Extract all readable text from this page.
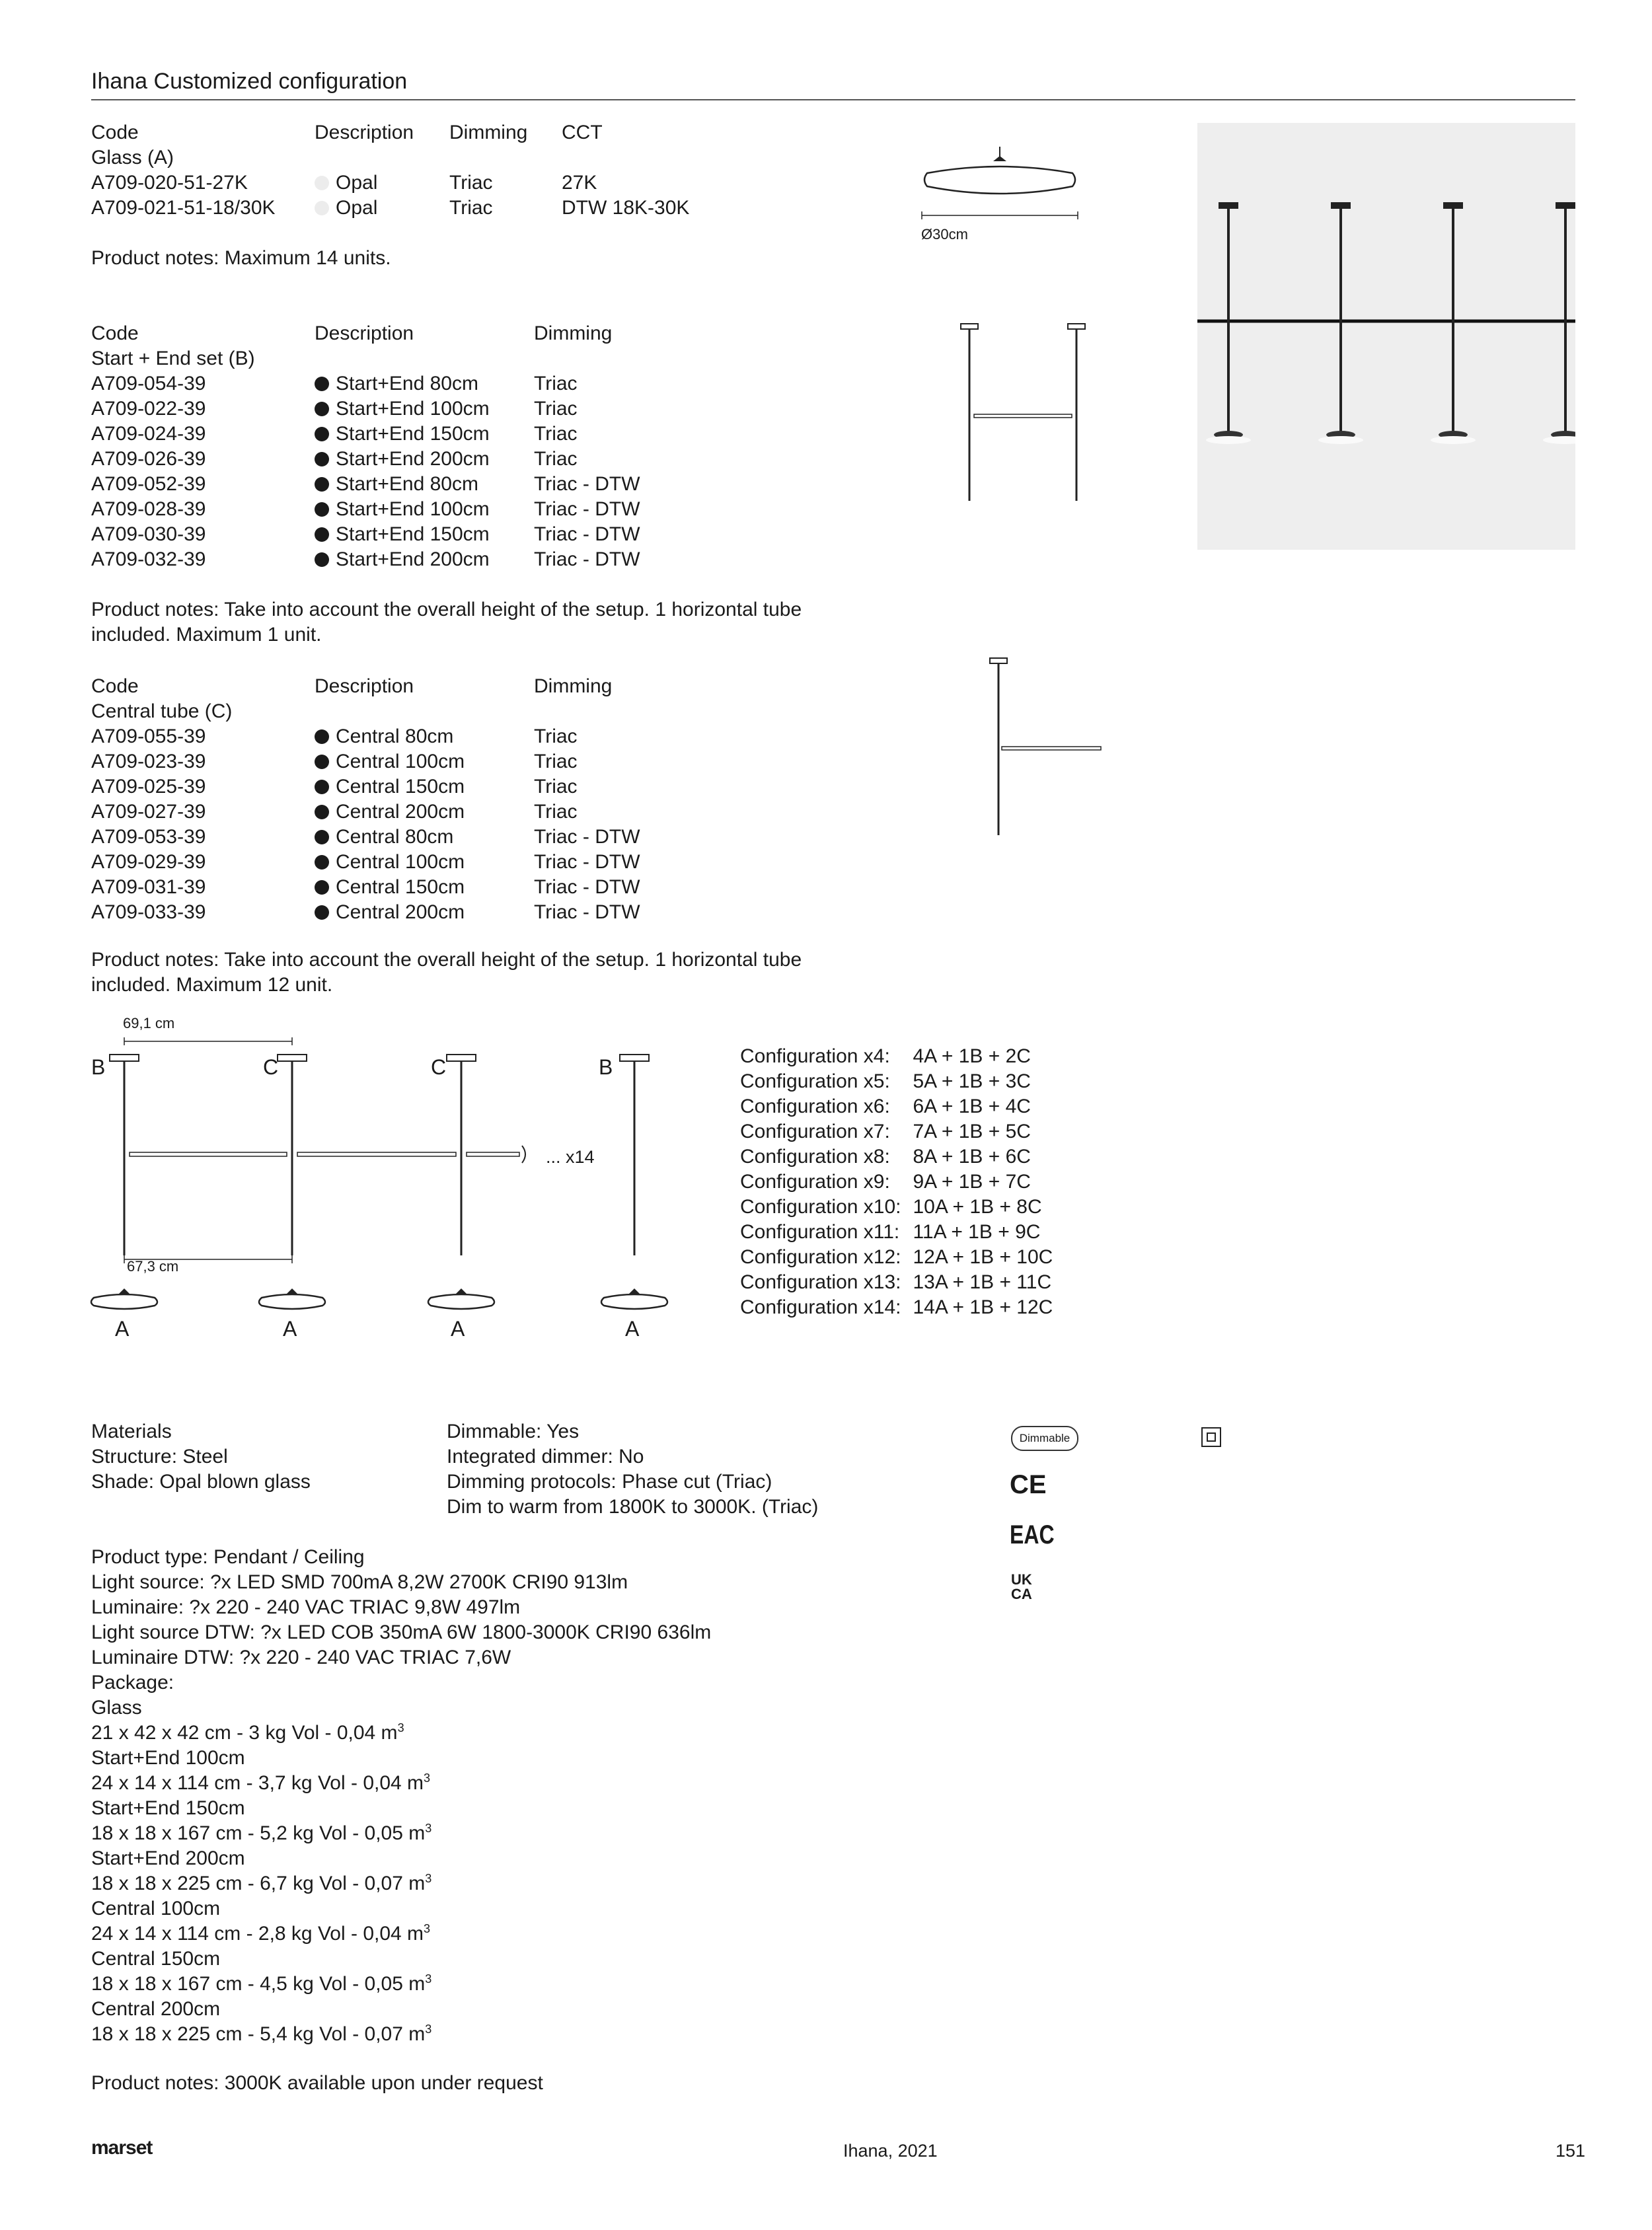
Ihana Customized configuration
Code	Description	Dimming	CCT
Glass (A)			
A709-020-51-27K	Opal	Triac	27K
A709-021-51-18/30K	Opal	Triac	DTW 18K-30K
Product notes: Maximum 14 units.
Ø30cm
Code	Description	Dimming
Start + End set (B)		
A709-054-39	Start+End 80cm	Triac
A709-022-39	Start+End 100cm	Triac
A709-024-39	Start+End 150cm	Triac
A709-026-39	Start+End 200cm	Triac
A709-052-39	Start+End 80cm	Triac - DTW
A709-028-39	Start+End 100cm	Triac - DTW
A709-030-39	Start+End 150cm	Triac - DTW
A709-032-39	Start+End 200cm	Triac - DTW
Product notes: Take into account the overall height of the setup. 1 horizontal tube
included. Maximum 1 unit.
Code	Description	Dimming
Central tube (C)		
A709-055-39	Central 80cm	Triac
A709-023-39	Central 100cm	Triac
A709-025-39	Central 150cm	Triac
A709-027-39	Central 200cm	Triac
A709-053-39	Central 80cm	Triac - DTW
A709-029-39	Central 100cm	Triac - DTW
A709-031-39	Central 150cm	Triac - DTW
A709-033-39	Central 200cm	Triac - DTW
Product notes: Take into account the overall height of the setup. 1 horizontal tube
included. Maximum 12 unit.
69,1 cm
67,3 cm
B	C	C	B
... x14
A	A	A	A
Configuration x4:	4A + 1B + 2C
Configuration x5:	5A + 1B + 3C
Configuration x6:	6A + 1B + 4C
Configuration x7:	7A + 1B + 5C
Configuration x8:	8A + 1B + 6C
Configuration x9:	9A + 1B + 7C
Configuration x10:	10A + 1B + 8C
Configuration x11:	11A + 1B + 9C
Configuration x12:	12A + 1B + 10C
Configuration x13:	13A + 1B + 11C
Configuration x14:	14A + 1B + 12C
Materials
Structure: Steel
Shade: Opal blown glass
Dimmable: Yes
Integrated dimmer: No
Dimming protocols: Phase cut (Triac)
Dim to warm from 1800K to 3000K. (Triac)
Dimmable
CE
EAC
UK
CA
Product type: Pendant / Ceiling
Light source: ?x LED SMD 700mA 8,2W 2700K CRI90 913lm
Luminaire: ?x 220 - 240 VAC TRIAC 9,8W 497lm
Light source DTW: ?x LED COB 350mA 6W 1800-3000K CRI90 636lm
Luminaire DTW: ?x 220 - 240 VAC TRIAC 7,6W
Package:
Glass
21 x 42 x 42 cm - 3 kg Vol - 0,04 $m^3$
Start+End 100cm
24 x 14 x 114 cm - 3,7 kg Vol - 0,04 $m^3$
Start+End 150cm
18 x 18 x 167 cm - 5,2 kg Vol - 0,05 $m^3$
Start+End 200cm
18 x 18 x 225 cm - 6,7 kg Vol - 0,07 $m^3$
Central 100cm
24 x 14 x 114 cm - 2,8 kg Vol - 0,04 $m^3$
Central 150cm
18 x 18 x 167 cm - 4,5 kg Vol - 0,05 $m^3$
Central 200cm
18 x 18 x 225 cm - 5,4 kg Vol - 0,07 $m^3$
Product notes: 3000K available upon under request
marset	Ihana, 2021	151
